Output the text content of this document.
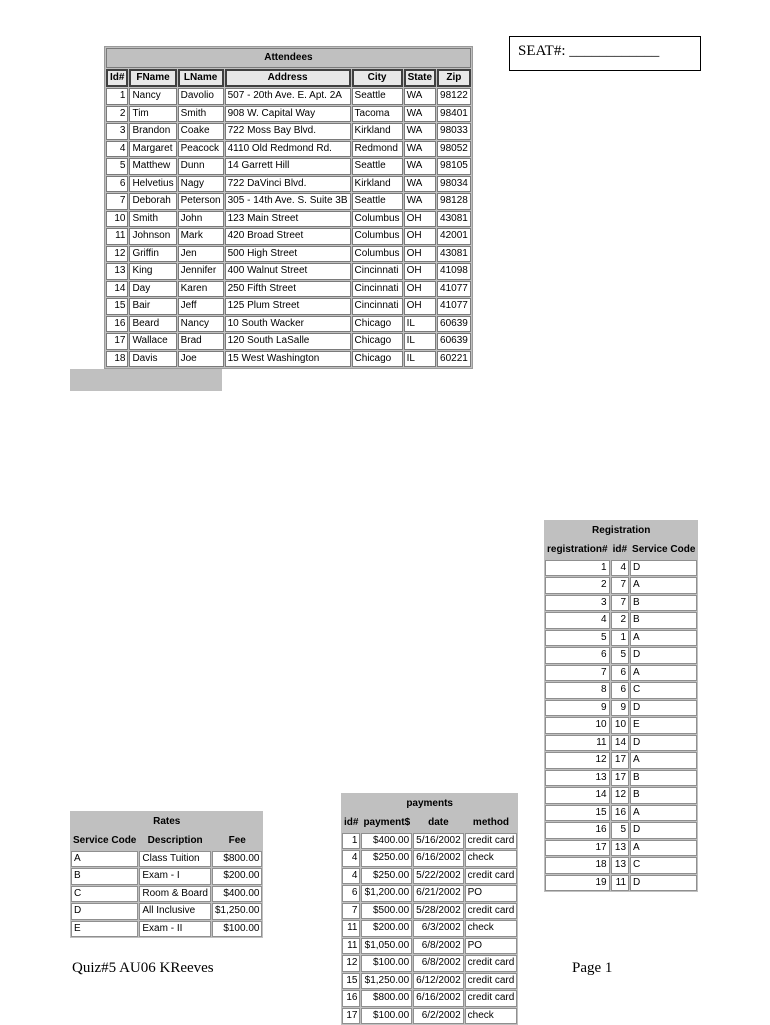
SEAT#: ____________
Attendees						
Id#	FName	LName	Address	City	State	Zip
1	Nancy	Davolio	507 - 20th Ave. E. Apt. 2A	Seattle	WA	98122
2	Tim	Smith	908 W. Capital Way	Tacoma	WA	98401
3	Brandon	Coake	722 Moss Bay Blvd.	Kirkland	WA	98033
4	Margaret	Peacock	4110 Old Redmond Rd.	Redmond	WA	98052
5	Matthew	Dunn	14 Garrett Hill	Seattle	WA	98105
6	Helvetius	Nagy	722 DaVinci Blvd.	Kirkland	WA	98034
7	Deborah	Peterson	305 - 14th Ave. S. Suite 3B	Seattle	WA	98128
10	Smith	John	123 Main Street	Columbus	OH	43081
11	Johnson	Mark	420 Broad Street	Columbus	OH	42001
12	Griffin	Jen	500 High Street	Columbus	OH	43081
13	King	Jennifer	400 Walnut Street	Cincinnati	OH	41098
14	Day	Karen	250 Fifth Street	Cincinnati	OH	41077
15	Bair	Jeff	125 Plum Street	Cincinnati	OH	41077
16	Beard	Nancy	10 South Wacker	Chicago	IL	60639
17	Wallace	Brad	120 South LaSalle	Chicago	IL	60639
18	Davis	Joe	15 West Washington	Chicago	IL	60221
Registration		
registration#	id#	Service Code
1	4	D
2	7	A
3	7	B
4	2	B
5	1	A
6	5	D
7	6	A
8	6	C
9	9	D
10	10	E
11	14	D
12	17	A
13	17	B
14	12	B
15	16	A
16	5	D
17	13	A
18	13	C
19	11	D
Rates		
Service Code	Description	Fee
A	Class Tuition	$800.00
B	Exam - I	$200.00
C	Room & Board	$400.00
D	All Inclusive	$1,250.00
E	Exam - II	$100.00
payments			
id#	payment$	date	method
1	$400.00	5/16/2002	credit card
4	$250.00	6/16/2002	check
4	$250.00	5/22/2002	credit card
6	$1,200.00	6/21/2002	PO
7	$500.00	5/28/2002	credit card
11	$200.00	6/3/2002	check
11	$1,050.00	6/8/2002	PO
12	$100.00	6/8/2002	credit card
15	$1,250.00	6/12/2002	credit card
16	$800.00	6/16/2002	credit card
17	$100.00	6/2/2002	check
Quiz#5 AU06 KReeves	Page 1
